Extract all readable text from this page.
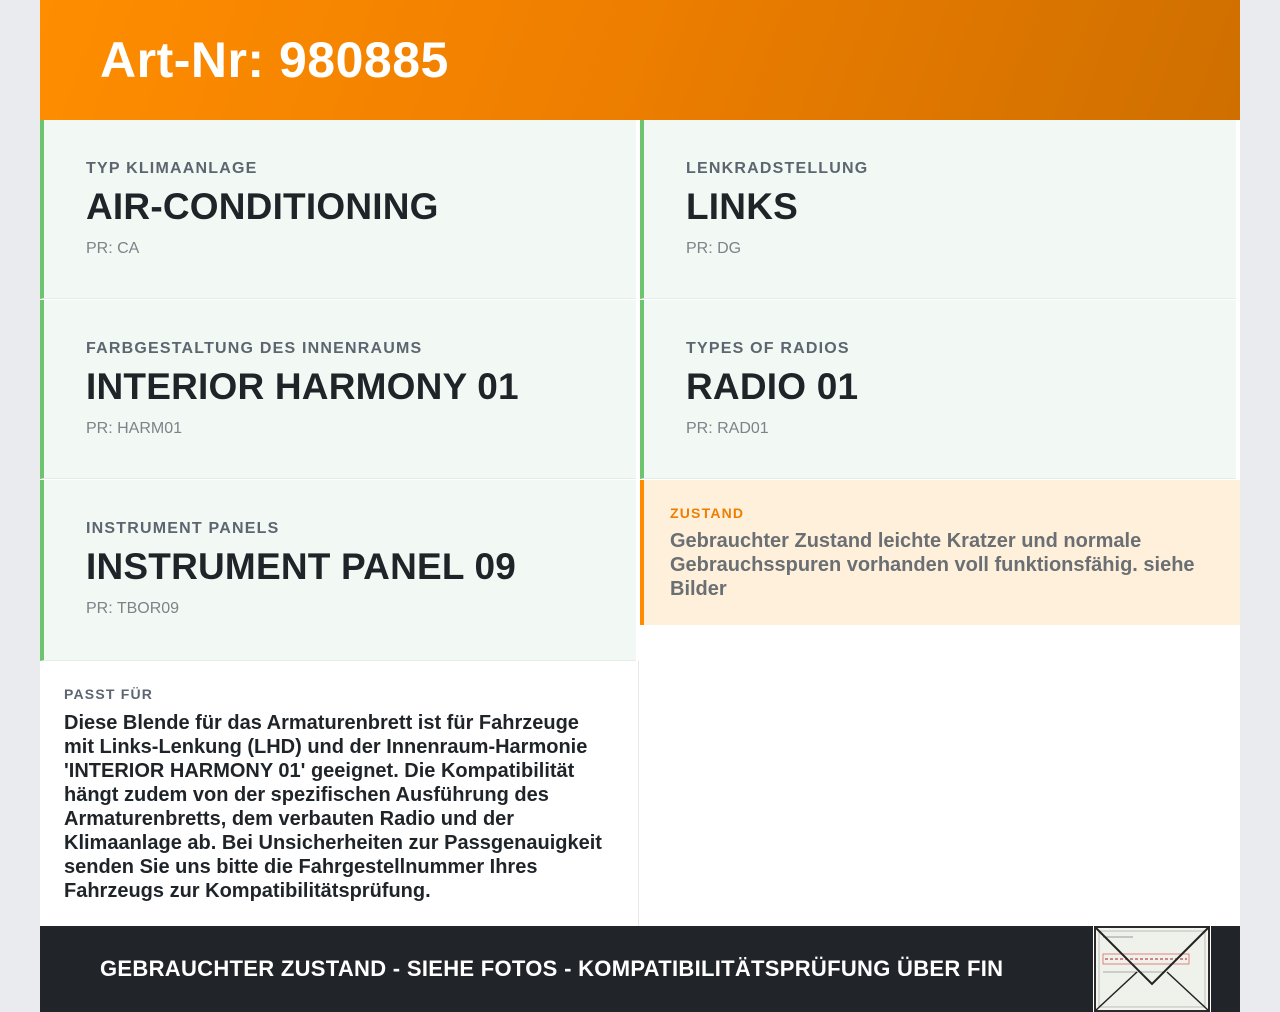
Art-Nr: 980885
TYP KLIMAANLAGE
AIR-CONDITIONING
PR: CA
LENKRADSTELLUNG
LINKS
PR: DG
FARBGESTALTUNG DES INNENRAUMS
INTERIOR HARMONY 01
PR: HARM01
TYPES OF RADIOS
RADIO 01
PR: RAD01
INSTRUMENT PANELS
INSTRUMENT PANEL 09
PR: TBOR09
ZUSTAND
Gebrauchter Zustand leichte Kratzer und normale Gebrauchsspuren vorhanden voll funktionsfähig. siehe Bilder
PASST FÜR
Diese Blende für das Armaturenbrett ist für Fahrzeuge mit Links-Lenkung (LHD) und der Innenraum-Harmonie 'INTERIOR HARMONY 01' geeignet. Die Kompatibilität hängt zudem von der spezifischen Ausführung des Armaturenbretts, dem verbauten Radio und der Klimaanlage ab. Bei Unsicherheiten zur Passgenauigkeit senden Sie uns bitte die Fahrgestellnummer Ihres Fahrzeugs zur Kompatibilitätsprüfung.
GEBRAUCHTER ZUSTAND - SIEHE FOTOS - KOMPATIBILITÄTSPRÜFUNG ÜBER FIN
